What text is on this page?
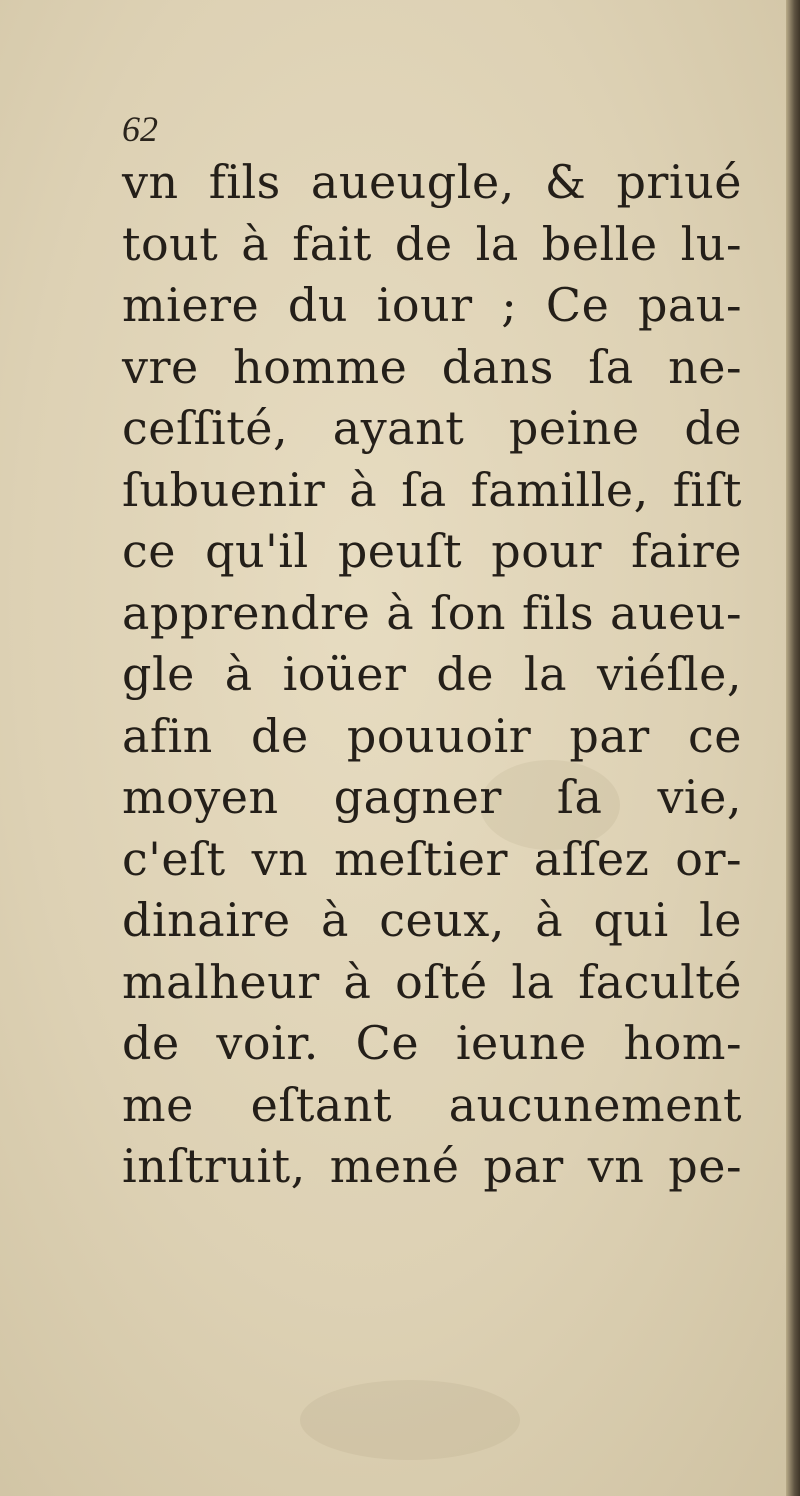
62
vn fils aueugle, & priué
tout à fait de la belle lu-
miere du iour ; Ce pau-
vre homme dans ſa ne-
ceſſité, ayant peine de
ſubuenir à ſa famille, fiſt
ce qu'il peuſt pour faire
apprendre à ſon fils aueu-
gle à ioüer de la viéſle,
afin de pouuoir par ce
moyen gagner ſa vie,
c'eſt vn meſtier aſſez or-
dinaire à ceux, à qui le
malheur à oſté la faculté
de voir. Ce ieune hom-
me eſtant aucunement
inſtruit, mené par vn pe-
